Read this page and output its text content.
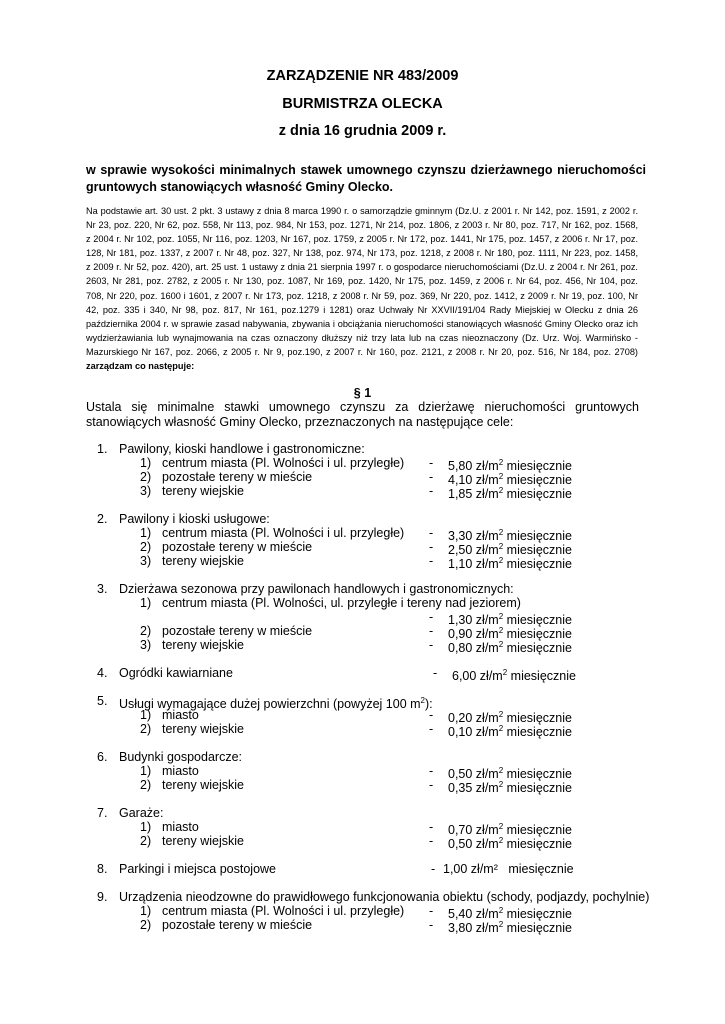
ZARZĄDZENIE NR 483/2009
BURMISTRZA OLECKA
z dnia 16 grudnia 2009 r.
w sprawie wysokości minimalnych stawek umownego czynszu dzierżawnego nieruchomości gruntowych stanowiących własność Gminy Olecko.
Na podstawie art. 30 ust. 2 pkt. 3 ustawy z dnia 8 marca 1990 r. o samorządzie gminnym (Dz.U. z 2001 r. Nr 142, poz. 1591, z 2002 r. Nr 23, poz. 220, Nr 62, poz. 558, Nr 113, poz. 984, Nr 153, poz. 1271, Nr 214, poz. 1806, z 2003 r. Nr 80, poz. 717, Nr 162, poz. 1568, z 2004 r. Nr 102, poz. 1055, Nr 116, poz. 1203, Nr 167, poz. 1759, z 2005 r. Nr 172, poz. 1441, Nr 175, poz. 1457, z 2006 r. Nr 17, poz. 128, Nr 181, poz. 1337, z 2007 r. Nr 48, poz. 327, Nr 138, poz. 974, Nr 173, poz. 1218, z 2008 r. Nr 180, poz. 1111, Nr 223, poz. 1458, z 2009 r. Nr 52, poz. 420), art. 25 ust. 1 ustawy z dnia 21 sierpnia 1997 r. o gospodarce nieruchomościami (Dz.U. z 2004 r. Nr 261, poz. 2603, Nr 281, poz. 2782, z 2005 r. Nr 130, poz. 1087, Nr 169, poz. 1420, Nr 175, poz. 1459, z 2006 r. Nr 64, poz. 456, Nr 104, poz. 708, Nr 220, poz. 1600 i 1601, z 2007 r. Nr 173, poz. 1218, z 2008 r. Nr 59, poz. 369, Nr 220, poz. 1412, z 2009 r. Nr 19, poz. 100, Nr 42, poz. 335 i 340, Nr 98, poz. 817, Nr 161, poz.1279 i 1281) oraz Uchwały Nr XXVII/191/04 Rady Miejskiej w Olecku z dnia 26 października 2004 r. w sprawie zasad nabywania, zbywania i obciążania nieruchomości stanowiących własność Gminy Olecko oraz ich wydzierżawiania lub wynajmowania na czas oznaczony dłuższy niż trzy lata lub na czas nieoznaczony (Dz. Urz. Woj. Warmińsko - Mazurskiego Nr 167, poz. 2066, z 2005 r. Nr 9, poz.190, z 2007 r. Nr 160, poz. 2121, z 2008 r. Nr 20, poz. 516, Nr 184, poz. 2708) zarządzam co następuje:
§ 1
Ustala się minimalne stawki umownego czynszu za dzierżawę nieruchomości gruntowych stanowiących własność Gminy Olecko, przeznaczonych na następujące cele:
1. Pawilony, kioski handlowe i gastronomiczne:
1) centrum miasta (Pl. Wolności i ul. przyległe) - 5,80 $zł/m^2$ miesięcznie
2) pozostałe tereny w mieście	- 4,10 $zł/m^2$ miesięcznie
3) tereny wiejskie	- 1,85 $zł/m^2$ miesięcznie
2. Pawilony i kioski usługowe:
1) centrum miasta (Pl. Wolności i ul. przyległe) - 3,30 $zł/m^2$ miesięcznie
2) pozostałe tereny w mieście	- 2,50 $zł/m^2$ miesięcznie
3) tereny wiejskie	- 1,10 $zł/m^2$ miesięcznie
3. Dzierżawa sezonowa przy pawilonach handlowych i gastronomicznych:
1) centrum miasta (Pl. Wolności, ul. przyległe i tereny nad jeziorem)
- 1,30 $zł/m^2$ miesięcznie
2) pozostałe tereny w mieście	- 0,90 $zł/m^2$ miesięcznie
3) tereny wiejskie	- 0,80 $zł/m^2$ miesięcznie
4. Ogródki kawiarniane	- 6,00 $zł/m^2$ miesięcznie
5. Usługi wymagające dużej powierzchni (powyżej 100 $m^2$):
1) miasto	- 0,20 $zł/m^2$ miesięcznie
2) tereny wiejskie	- 0,10 $zł/m^2$ miesięcznie
6. Budynki gospodarcze:
1) miasto	- 0,50 $zł/m^2$ miesięcznie
2) tereny wiejskie	- 0,35 $zł/m^2$ miesięcznie
7. Garaże:
1) miasto	- 0,70 $zł/m^2$ miesięcznie
2) tereny wiejskie	- 0,50 $zł/m^2$ miesięcznie
8. Parkingi i miejsca postojowe	- 1,00 zł/m² miesięcznie
9. Urządzenia nieodzowne do prawidłowego funkcjonowania obiektu (schody, podjazdy, pochylnie)
1) centrum miasta (Pl. Wolności i ul. przyległe) - 5,40 $zł/m^2$ miesięcznie
2) pozostałe tereny w mieście	- 3,80 $zł/m^2$ miesięcznie
